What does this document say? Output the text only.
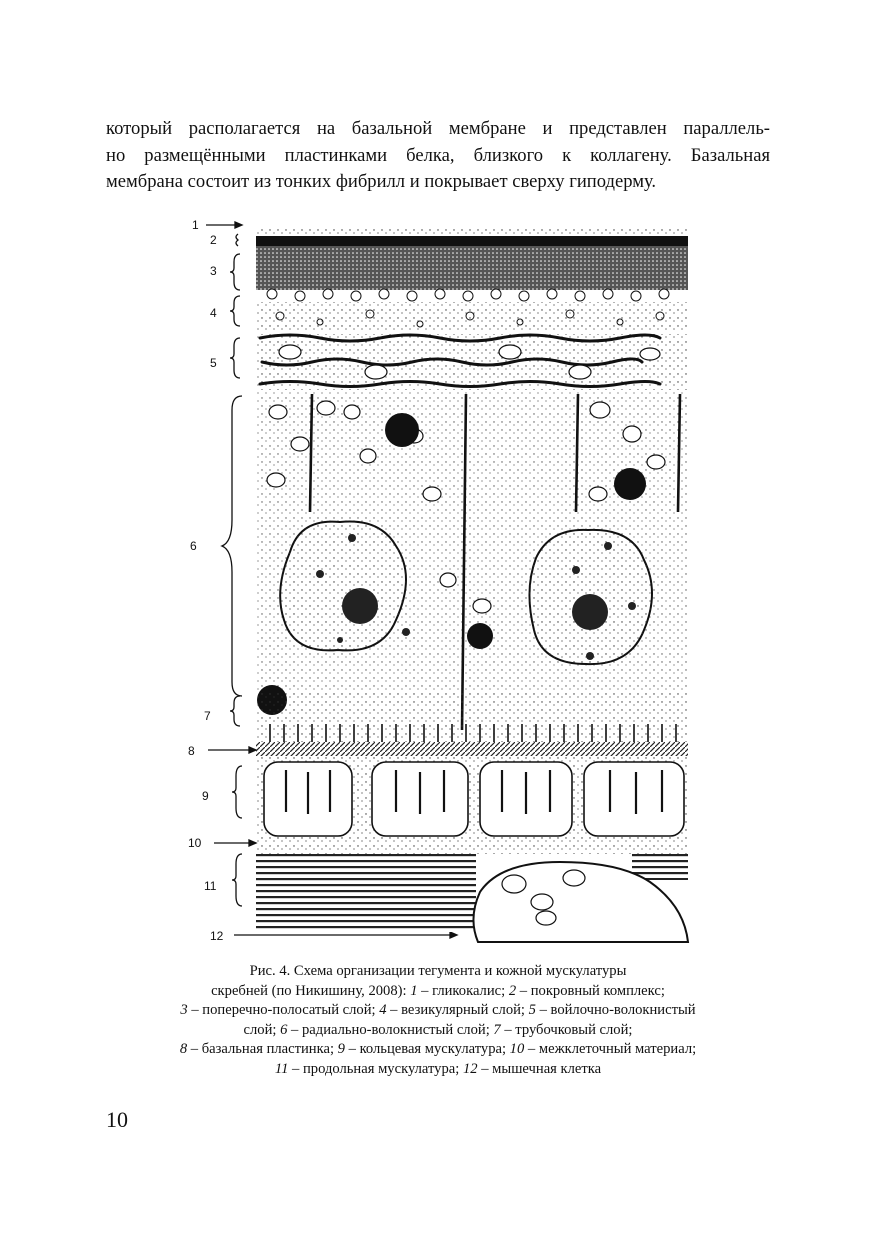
который располагается на базальной мембране и представлен параллель-
но размещёнными пластинками белка, близкого к коллагену. Базальная
мембрана состоит из тонких фибрилл и покрывает сверху гиподерму.

1
2
3
4
5
6
7
8
9
10
11
12
Рис. 4. Схема организации тегумента и кожной мускулатуры
скребней (по Никишину, 2008): 1 – гликокалис; 2 – покровный комплекс;
3 – поперечно-полосатый слой; 4 – везикулярный слой; 5 – войлочно-волокнистый
слой; 6 – радиально-волокнистый слой; 7 – трубочковый слой;
8 – базальная пластинка; 9 – кольцевая мускулатура; 10 – межклеточный материал;
11 – продольная мускулатура; 12 – мышечная клетка
10
